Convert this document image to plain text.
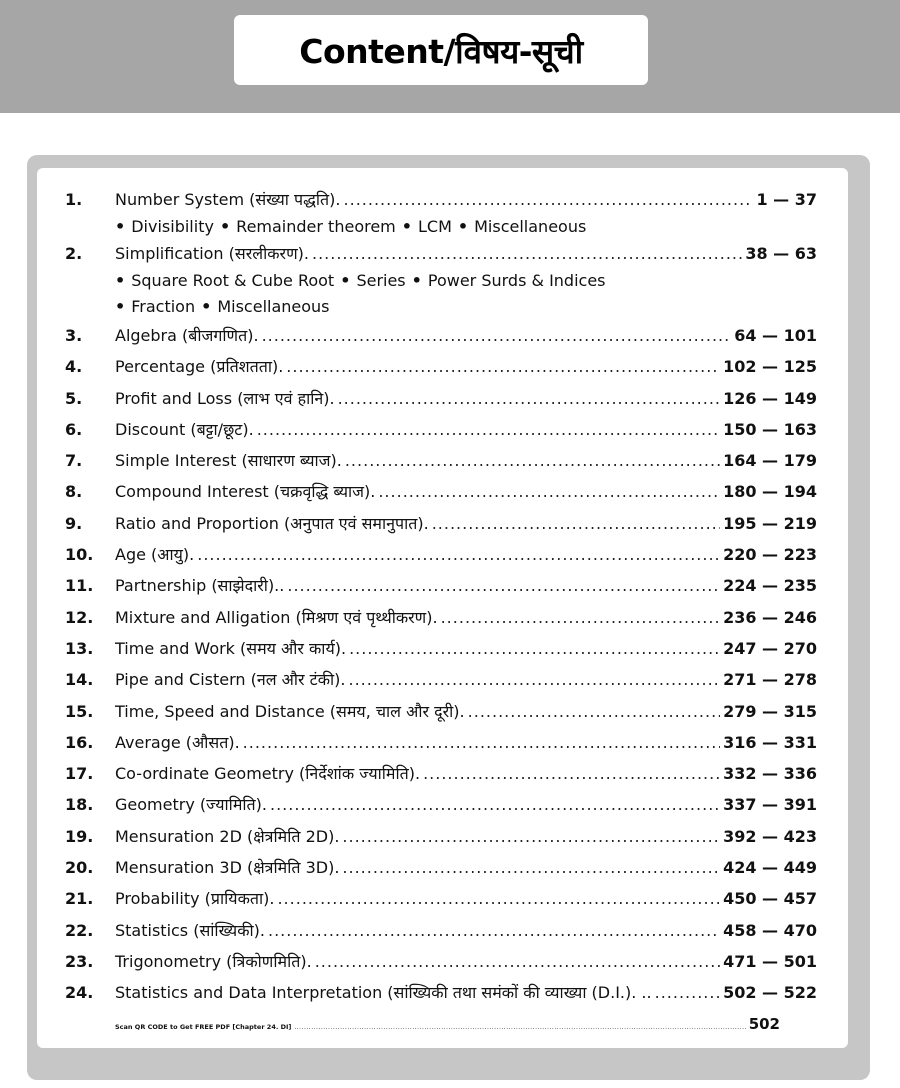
Content/विषय-सूची
1.	Number System (संख्या पद्धति). .....	1 — 37
• Divisibility • Remainder theorem • LCM • Miscellaneous
2.	Simplification (सरलीकरण). .....	38 — 63
• Square Root & Cube Root • Series • Power Surds & Indices
• Fraction • Miscellaneous
3.	Algebra (बीजगणित). .....	64 — 101
4.	Percentage (प्रतिशतता). .....	102 — 125
5.	Profit and Loss (लाभ एवं हानि). .....	126 — 149
6.	Discount (बट्टा/छूट). .....	150 — 163
7.	Simple Interest (साधारण ब्याज). .....	164 — 179
8.	Compound Interest (चक्रवृद्धि ब्याज). .....	180 — 194
9.	Ratio and Proportion (अनुपात एवं समानुपात). .....	195 — 219
10.	Age (आयु). .....	220 — 223
11.	Partnership (साझेदारी).. .....	224 — 235
12.	Mixture and Alligation (मिश्रण एवं पृथ्थीकरण). .....	236 — 246
13.	Time and Work (समय और कार्य). .....	247 — 270
14.	Pipe and Cistern (नल और टंकी). .....	271 — 278
15.	Time, Speed and Distance (समय, चाल और दूरी). .....	279 — 315
16.	Average (औसत). .....	316 — 331
17.	Co-ordinate Geometry (निर्देशांक ज्यामिति). .....	332 — 336
18.	Geometry (ज्यामिति). .....	337 — 391
19.	Mensuration 2D (क्षेत्रमिति 2D). .....	392 — 423
20.	Mensuration 3D (क्षेत्रमिति 3D). .....	424 — 449
21.	Probability (प्रायिकता). .....	450 — 457
22.	Statistics (सांख्यिकी). .....	458 — 470
23.	Trigonometry (त्रिकोणमिति). .....	471 — 501
24.	Statistics and Data Interpretation (सांख्यिकी तथा समंकों की व्याख्या (D.I.). .. .....	502 — 522
Scan QR CODE to Get FREE PDF [Chapter 24. DI] .....	502
